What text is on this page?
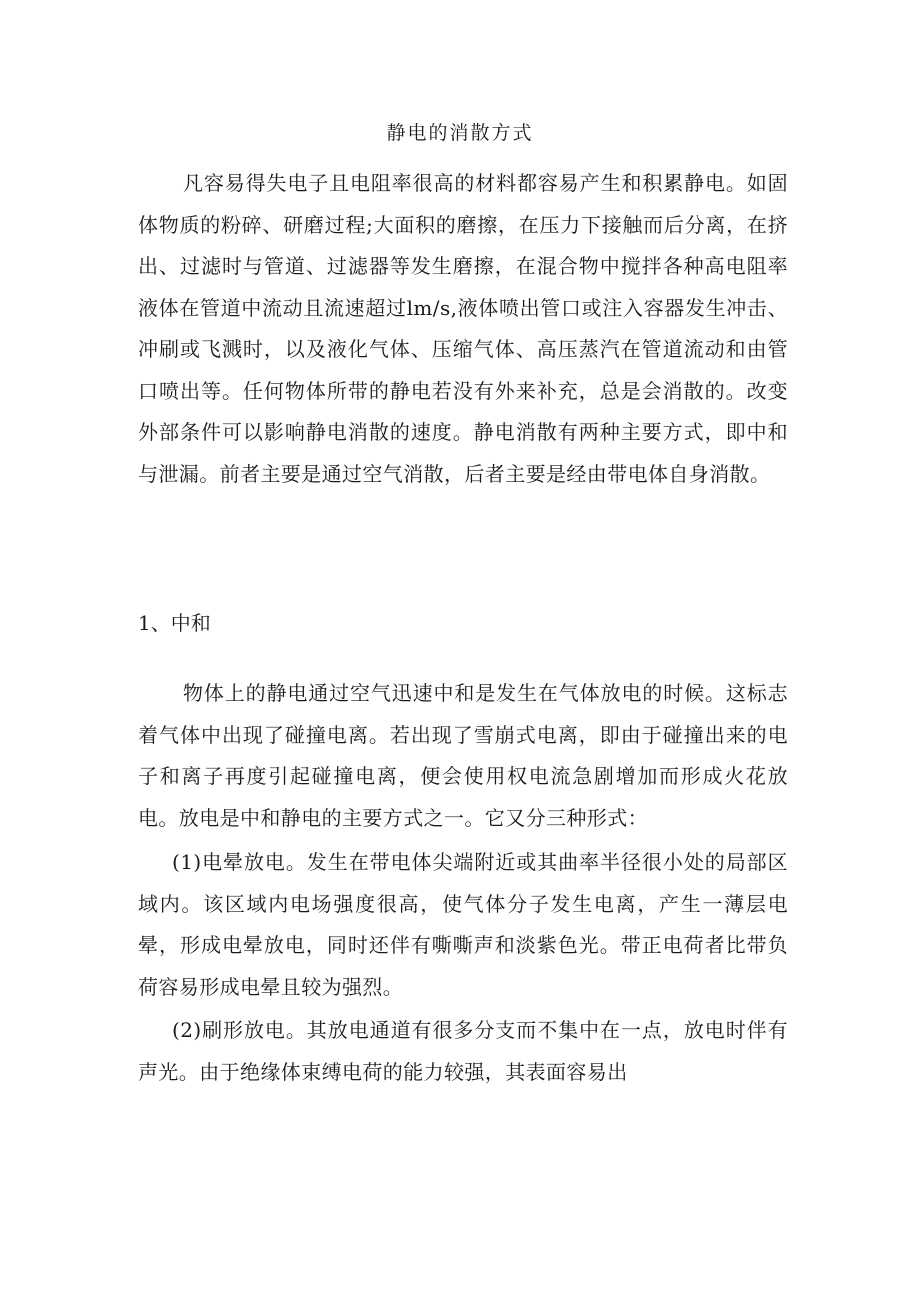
静电的消散方式

凡容易得失电子且电阻率很高的材料都容易产生和积累静电。如固体物质的粉碎、研磨过程;大面积的磨擦，在压力下接触而后分离，在挤出、过滤时与管道、过滤器等发生磨擦，在混合物中搅拌各种高电阻率液体在管道中流动且流速超过lm/s,液体喷出管口或注入容器发生冲击、冲刷或飞溅时，以及液化气体、压缩气体、高压蒸汽在管道流动和由管口喷出等。任何物体所带的静电若没有外来补充，总是会消散的。改变外部条件可以影响静电消散的速度。静电消散有两种主要方式，即中和与泄漏。前者主要是通过空气消散，后者主要是经由带电体自身消散。

1、中和

物体上的静电通过空气迅速中和是发生在气体放电的时候。这标志着气体中出现了碰撞电离。若出现了雪崩式电离，即由于碰撞出来的电子和离子再度引起碰撞电离，便会使用权电流急剧增加而形成火花放电。放电是中和静电的主要方式之一。它又分三种形式：

(1)电晕放电。发生在带电体尖端附近或其曲率半径很小处的局部区域内。该区域内电场强度很高，使气体分子发生电离，产生一薄层电晕，形成电晕放电，同时还伴有嘶嘶声和淡紫色光。带正电荷者比带负荷容易形成电晕且较为强烈。

(2)刷形放电。其放电通道有很多分支而不集中在一点，放电时伴有声光。由于绝缘体束缚电荷的能力较强，其表面容易出
